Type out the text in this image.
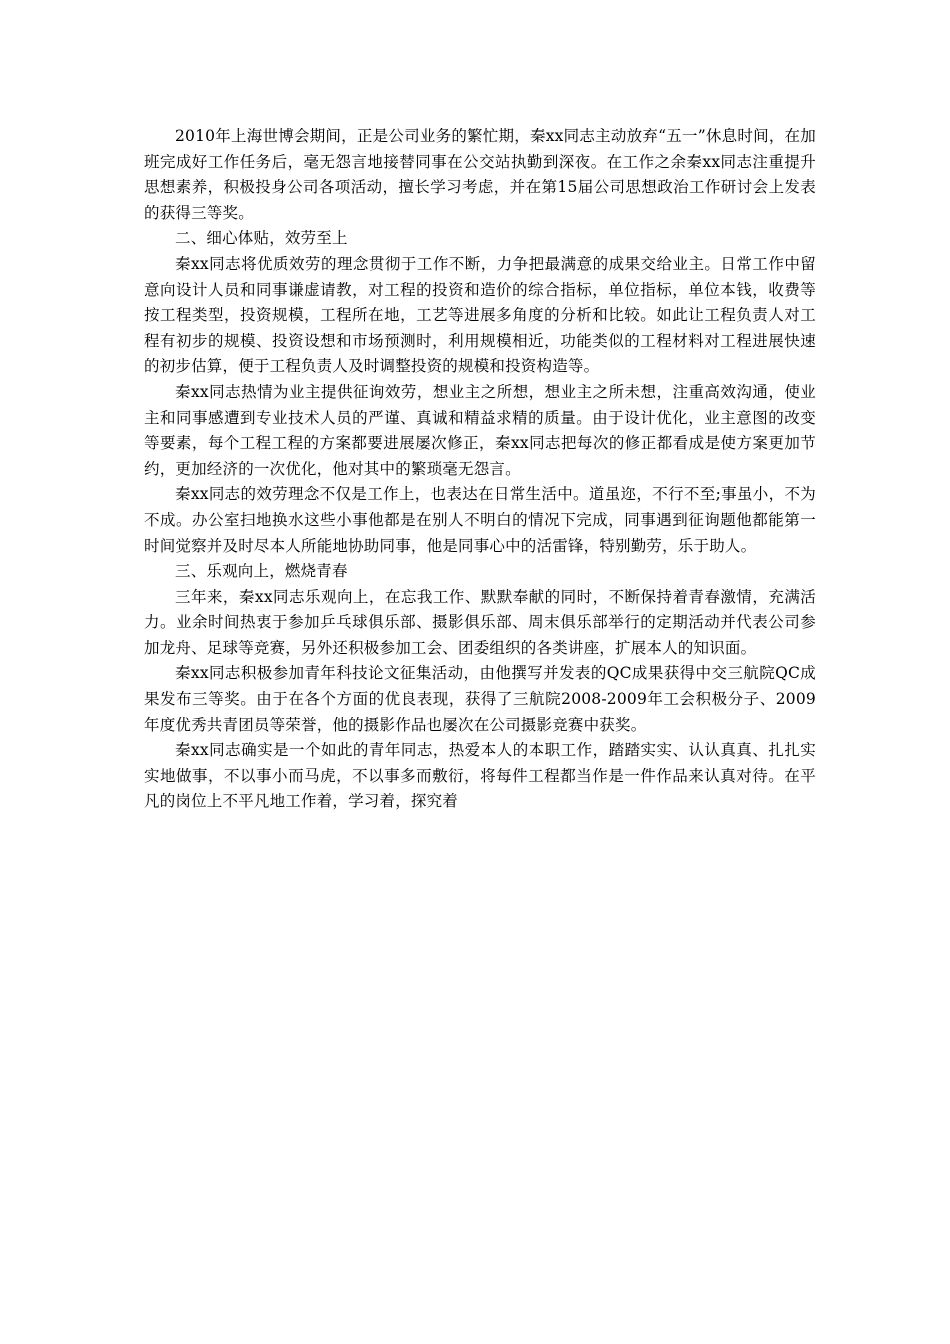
2010年上海世博会期间，正是公司业务的繁忙期，秦xx同志主动放弃“五一”休息时间，在加班完成好工作任务后，毫无怨言地接替同事在公交站执勤到深夜。在工作之余秦xx同志注重提升思想素养，积极投身公司各项活动，擅长学习考虑，并在第15届公司思想政治工作研讨会上发表的获得三等奖。

二、细心体贴，效劳至上

秦xx同志将优质效劳的理念贯彻于工作不断，力争把最满意的成果交给业主。日常工作中留意向设计人员和同事谦虚请教，对工程的投资和造价的综合指标，单位指标，单位本钱，收费等按工程类型，投资规模，工程所在地，工艺等进展多角度的分析和比较。如此让工程负责人对工程有初步的规模、投资设想和市场预测时，利用规模相近，功能类似的工程材料对工程进展快速的初步估算，便于工程负责人及时调整投资的规模和投资构造等。

秦xx同志热情为业主提供征询效劳，想业主之所想，想业主之所未想，注重高效沟通，使业主和同事感遭到专业技术人员的严谨、真诚和精益求精的质量。由于设计优化，业主意图的改变等要素，每个工程工程的方案都要进展屡次修正，秦xx同志把每次的修正都看成是使方案更加节约，更加经济的一次优化，他对其中的繁琐毫无怨言。

秦xx同志的效劳理念不仅是工作上，也表达在日常生活中。道虽迩，不行不至;事虽小，不为不成。办公室扫地换水这些小事他都是在别人不明白的情况下完成，同事遇到征询题他都能第一时间觉察并及时尽本人所能地协助同事，他是同事心中的活雷锋，特别勤劳，乐于助人。

三、乐观向上，燃烧青春

三年来，秦xx同志乐观向上，在忘我工作、默默奉献的同时，不断保持着青春激情，充满活力。业余时间热衷于参加乒乓球俱乐部、摄影俱乐部、周末俱乐部举行的定期活动并代表公司参加龙舟、足球等竞赛，另外还积极参加工会、团委组织的各类讲座，扩展本人的知识面。

秦xx同志积极参加青年科技论文征集活动，由他撰写并发表的QC成果获得中交三航院QC成果发布三等奖。由于在各个方面的优良表现，获得了三航院2008-2009年工会积极分子、2009年度优秀共青团员等荣誉，他的摄影作品也屡次在公司摄影竞赛中获奖。

秦xx同志确实是一个如此的青年同志，热爱本人的本职工作，踏踏实实、认认真真、扎扎实实地做事，不以事小而马虎，不以事多而敷衍，将每件工程都当作是一件作品来认真对待。在平凡的岗位上不平凡地工作着，学习着，探究着
